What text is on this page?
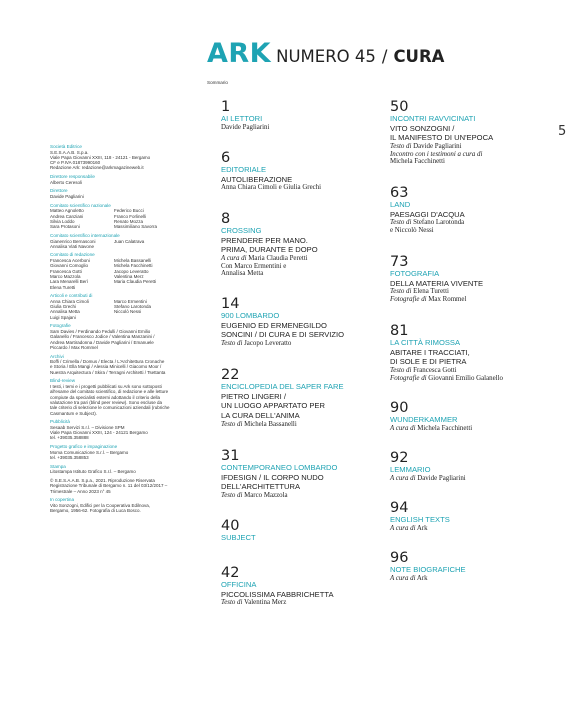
ARK NUMERO 45 / CURA
Sommario
5
Società Editrice
S.E.S.A.A.B. S.p.a.
Viale Papa Giovanni XXIII, 118 - 24121 - Bergamo
CF e P.IVA 01873990160
Redazione Ark: redazione@arkmagazineweb.it
Direttore responsabile
Alberto Ceresoli
Direttore
Davide Pagliarini
Comitato scientifico nazionale
Matteo Agnoletto	Federico Bucci
Andrea Canziani	Franco Forlinelli
Silvia Loddo	Renato Mozza
Sara Protasoni	Massimiliano Savorra
Comitato scientifico internazionale
Gianenrico Bernasconi	Juan Calatrava
Annalisa Viati Navone
Comitato di redazione
Francesca Acerboni	Michela Bassanelli
Giovanni Comoglio	Michela Facchinetti
Francesca Gotti	Jacopo Leveratto
Marco Mazzola	Valentina Merz
Lara Menarelli Berì	Maria Claudia Peretti
Elena Turetti
Articoli e contributi di
Anna Chiara Cimoli	Marco Ermentini
Giulia Grechi	Stefano Larotonda
Annalisa Metta	Niccolò Nessi
Luigi Spajani
Fotografie
Sam Davies / Ferdinando Fedulli / Giovanni Emilio
Galanello / Francesco Jodice / Valentina Manzanini /
Andrea Martiradonna / Davide Pagliarini / Emanuele
Piccardo / Max Rommel
Archivi
Boffi / Crimella / Domus / Electa / L'Architettura Cronache
e Storia / Ella Mangi / Alessia Minicelli / Giacomo Moor /
Nuestra Arquitectura / Skira / Terragni Architetti / Tsettanta
Blind-review
I testi, i temi e i progetti pubblicati su Ark sono sottoposti
all'esame del comitato scientifico, di redazione e alle letture
compiute da specialisti esterni adottando il criterio della
valutazione tra pari (blind peer review). Sono escluse da
tale criterio di selezione le comunicazioni aziendali (rubriche
Casmantum e Subject).
Pubblicità
Sesaab Servizi S.r.l. – Divisione SPM
Viale Papa Giovanni XXIII, 124 - 24121 Bergamo
tel. +39035.358888
Progetto grafico e impaginazione
Moma Comunicazione S.r.l. – Bergamo
tel. +39035.358853
Stampa
Litostampa Istituto Grafico S.r.l. – Bergamo
© S.E.S.A.A.B. S.p.a., 2021. Riproduzione Riservata
Registrazione Tribunale di Bergamo n. 11 del 03/12/2017 –
Trimestrale – Anno 2023 n° 45
In copertina
Vito Sonzogni, Edifici per la Cooperativa Edilnova,
Bergamo, 1956-62. Fotografia di Luca Bosco.
1
AI LETTORI
Davide Pagliarini
6
EDITORIALE
AUTOLIBERAZIONE
Anna Chiara Cimoli e Giulia Grechi
8
CROSSING
PRENDERE PER MANO.
PRIMA, DURANTE E DOPO
A cura di Maria Claudia Peretti
Con Marco Ermentini e
Annalisa Metta
14
900 LOMBARDO
EUGENIO ED ERMENEGILDO
SONCINI / DI CURA E DI SERVIZIO
Testo di Jacopo Leveratto
22
ENCICLOPEDIA DEL SAPER FARE
PIETRO LINGERI /
UN LUOGO APPARTATO PER
LA CURA DELL'ANIMA
Testo di Michela Bassanelli
31
CONTEMPORANEO LOMBARDO
IFDESIGN / IL CORPO NUDO
DELL'ARCHITETTURA
Testo di Marco Mazzola
40
SUBJECT
42
OFFICINA
PICCOLISSIMA FABBRICHETTA
Testo di Valentina Merz
50
INCONTRI RAVVICINATI
VITO SONZOGNI /
IL MANIFESTO DI UN'EPOCA
Testo di Davide Pagliarini
Incontro con i testimoni a cura di
Michela Facchinetti
63
LAND
PAESAGGI D'ACQUA
Testo di Stefano Larotonda
e Niccolò Nessi
73
FOTOGRAFIA
DELLA MATERIA VIVENTE
Testo di Elena Turetti
Fotografie di Max Rommel
81
LA CITTÀ RIMOSSA
ABITARE I TRACCIATI,
DI SOLE E DI PIETRA
Testo di Francesca Gotti
Fotografie di Giovanni Emilio Galanello
90
WUNDERKAMMER
A cura di Michela Facchinetti
92
LEMMARIO
A cura di Davide Pagliarini
94
ENGLISH TEXTS
A cura di Ark
96
NOTE BIOGRAFICHE
A cura di Ark
